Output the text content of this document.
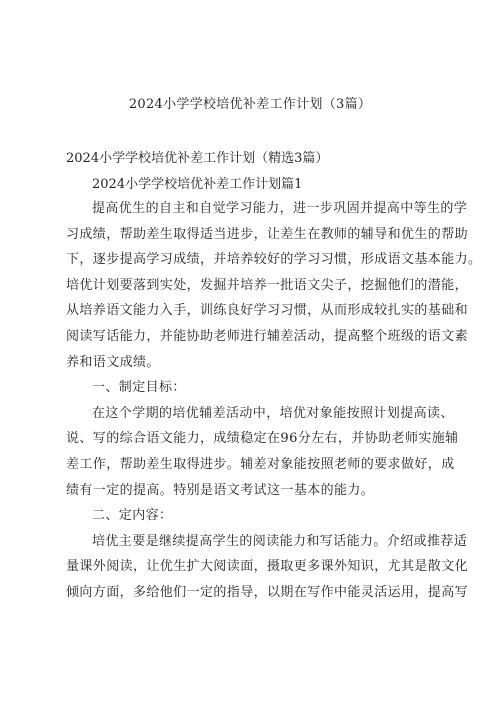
2024小学学校培优补差工作计划（3篇）
2024小学学校培优补差工作计划（精选3篇）
2024小学学校培优补差工作计划篇1
提高优生的自主和自觉学习能力，进一步巩固并提高中等生的学
习成绩，帮助差生取得适当进步，让差生在教师的辅导和优生的帮助
下，逐步提高学习成绩，并培养较好的学习习惯，形成语文基本能力。
培优计划要落到实处，发掘并培养一批语文尖子，挖掘他们的潜能，
从培养语文能力入手，训练良好学习习惯，从而形成较扎实的基础和
阅读写话能力，并能协助老师进行辅差活动，提高整个班级的语文素
养和语文成绩。
一、制定目标：
在这个学期的培优辅差活动中，培优对象能按照计划提高读、
说、写的综合语文能力，成绩稳定在96分左右，并协助老师实施辅
差工作，帮助差生取得进步。辅差对象能按照老师的要求做好，成
绩有一定的提高。特别是语文考试这一基本的能力。
二、定内容：
培优主要是继续提高学生的阅读能力和写话能力。介绍或推荐适
量课外阅读，让优生扩大阅读面，摄取更多课外知识，尤其是散文化
倾向方面，多给他们一定的指导，以期在写作中能灵活运用，提高写
